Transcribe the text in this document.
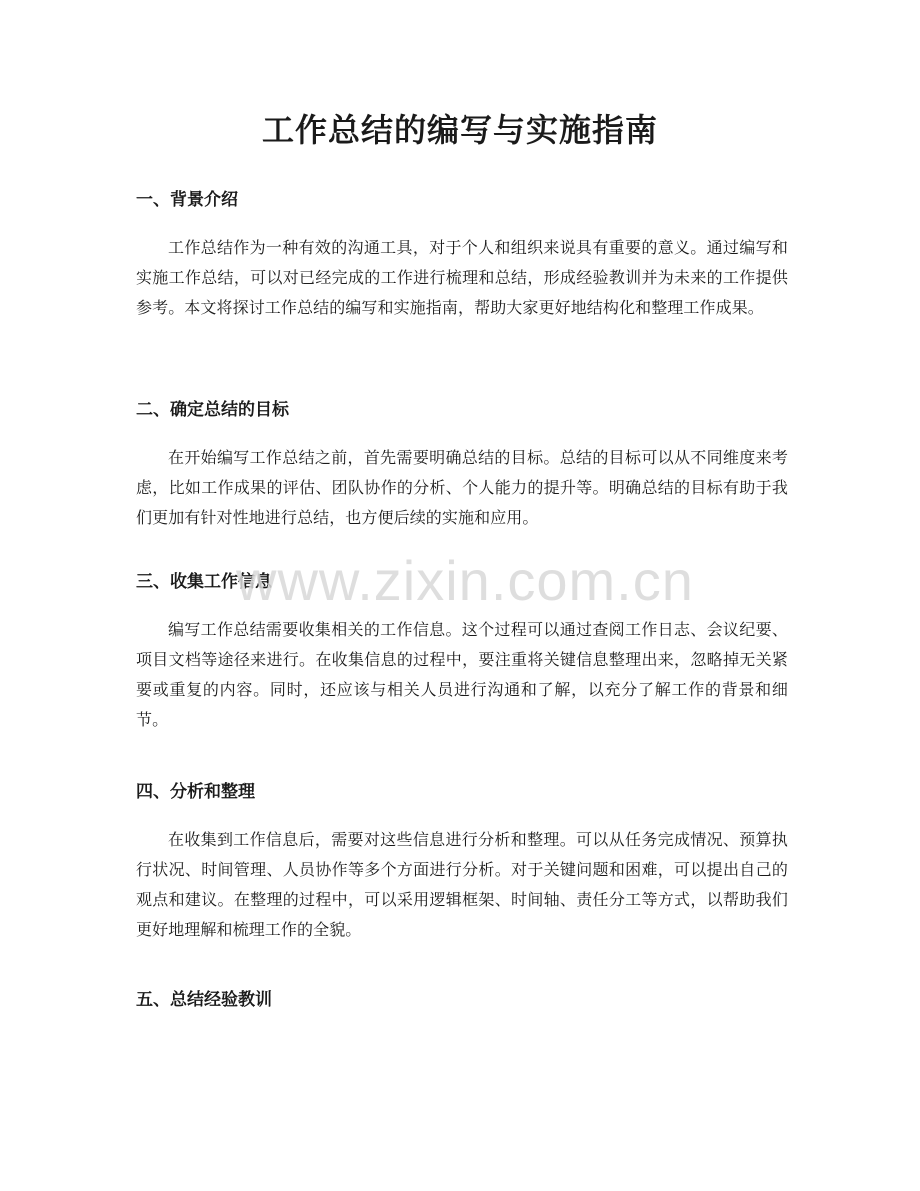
工作总结的编写与实施指南
一、背景介绍

工作总结作为一种有效的沟通工具，对于个人和组织来说具有重要的意义。通过编写和实施工作总结，可以对已经完成的工作进行梳理和总结，形成经验教训并为未来的工作提供参考。本文将探讨工作总结的编写和实施指南，帮助大家更好地结构化和整理工作成果。

二、确定总结的目标

在开始编写工作总结之前，首先需要明确总结的目标。总结的目标可以从不同维度来考虑，比如工作成果的评估、团队协作的分析、个人能力的提升等。明确总结的目标有助于我们更加有针对性地进行总结，也方便后续的实施和应用。

三、收集工作信息

编写工作总结需要收集相关的工作信息。这个过程可以通过查阅工作日志、会议纪要、项目文档等途径来进行。在收集信息的过程中，要注重将关键信息整理出来，忽略掉无关紧要或重复的内容。同时，还应该与相关人员进行沟通和了解，以充分了解工作的背景和细节。

四、分析和整理

在收集到工作信息后，需要对这些信息进行分析和整理。可以从任务完成情况、预算执行状况、时间管理、人员协作等多个方面进行分析。对于关键问题和困难，可以提出自己的观点和建议。在整理的过程中，可以采用逻辑框架、时间轴、责任分工等方式，以帮助我们更好地理解和梳理工作的全貌。

五、总结经验教训

www.zixin.com.cn
